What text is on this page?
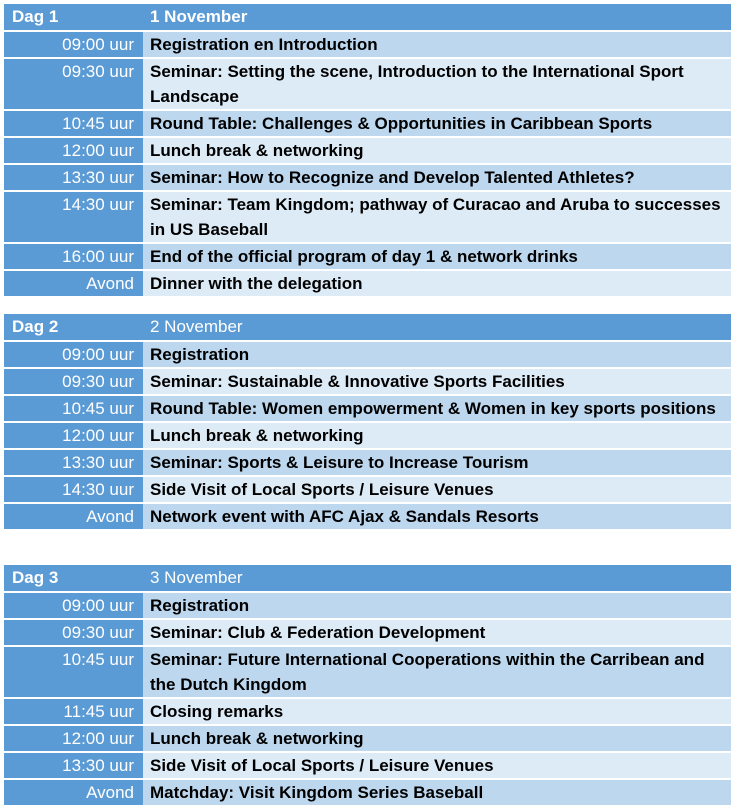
Dag 1	1 November
09:00 uur	Registration en Introduction
09:30 uur	Seminar: Setting the scene, Introduction to the International Sport Landscape
10:45 uur	Round Table: Challenges & Opportunities in Caribbean Sports
12:00 uur	Lunch break & networking
13:30 uur	Seminar: How to Recognize and Develop Talented Athletes?
14:30 uur	Seminar: Team Kingdom; pathway of Curacao and Aruba to successes in US Baseball
16:00 uur	End of the official program of day 1 & network drinks
Avond	Dinner with the delegation
Dag 2	2 November
09:00 uur	Registration
09:30 uur	Seminar: Sustainable & Innovative Sports Facilities
10:45 uur	Round Table: Women empowerment & Women in key sports positions
12:00 uur	Lunch break & networking
13:30 uur	Seminar: Sports & Leisure to Increase Tourism
14:30 uur	Side Visit of Local Sports / Leisure Venues
Avond	Network event with AFC Ajax & Sandals Resorts
Dag 3	3 November
09:00 uur	Registration
09:30 uur	Seminar: Club & Federation Development
10:45 uur	Seminar: Future International Cooperations within the Carribean and the Dutch Kingdom
11:45 uur	Closing remarks
12:00 uur	Lunch break & networking
13:30 uur	Side Visit of Local Sports / Leisure Venues
Avond	Matchday: Visit Kingdom Series Baseball
